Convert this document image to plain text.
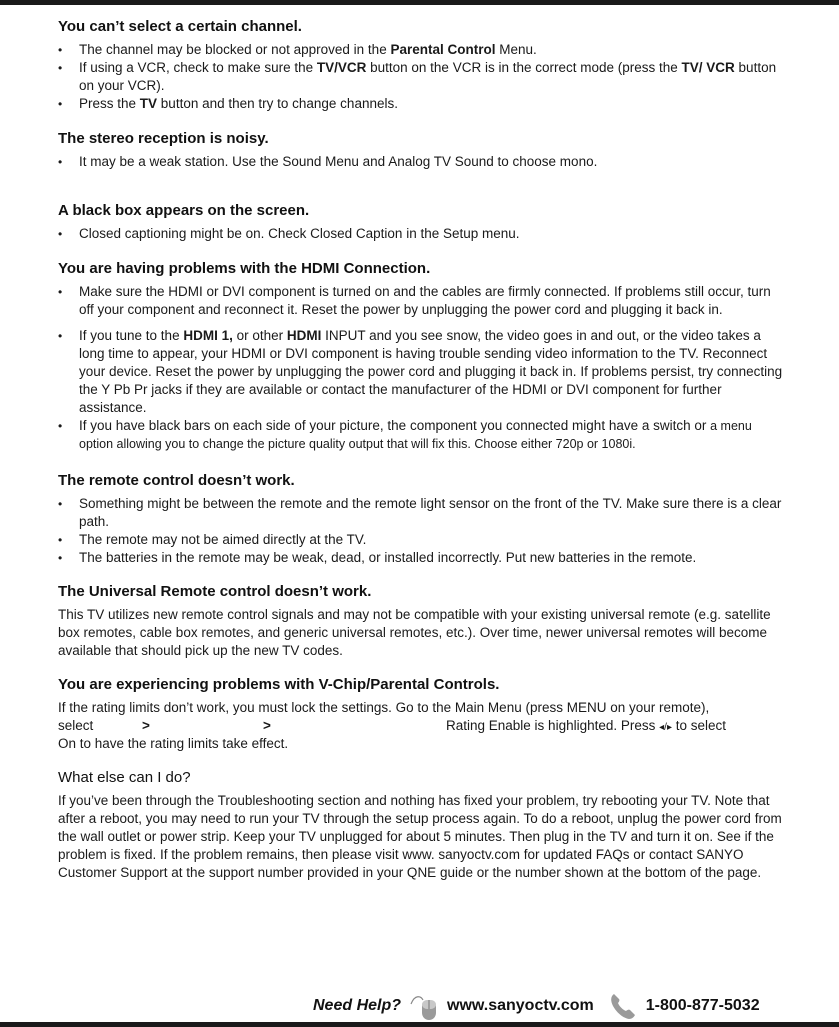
You can’t select a certain channel.
• The channel may be blocked or not approved in the Parental Control Menu.
• If using a VCR, check to make sure the TV/VCR button on the VCR is in the correct mode (press the TV/ VCR button on your VCR).
• Press the TV button and then try to change channels.
The stereo reception is noisy.
• It may be a weak station. Use the Sound Menu and Analog TV Sound to choose mono.
A black box appears on the screen.
• Closed captioning might be on. Check Closed Caption in the Setup menu.
You are having problems with the HDMI Connection.
• Make sure the HDMI or DVI component is turned on and the cables are firmly connected. If problems still occur, turn off your component and reconnect it. Reset the power by unplugging the power cord and plugging it back in.
• If you tune to the HDMI 1, or other HDMI INPUT and you see snow, the video goes in and out, or the video takes a long time to appear, your HDMI or DVI component is having trouble sending video information to the TV. Reconnect your device. Reset the power by unplugging the power cord and plugging it back in. If problems persist, try connecting the Y Pb Pr jacks if they are available or contact the manufacturer of the HDMI or DVI component for further assistance.
• If you have black bars on each side of your picture, the component you connected might have a switch or a menu option allowing you to change the picture quality output that will fix this. Choose either 720p or 1080i.
The remote control doesn’t work.
• Something might be between the remote and the remote light sensor on the front of the TV. Make sure there is a clear path.
• The remote may not be aimed directly at the TV.
• The batteries in the remote may be weak, dead, or installed incorrectly. Put new batteries in the remote.
The Universal Remote control doesn’t work.

This TV utilizes new remote control signals and may not be compatible with your existing universal remote (e.g. satellite box remotes, cable box remotes, and generic universal remotes, etc.). Over time, newer universal remotes will become available that should pick up the new TV codes.

You are experiencing problems with V-Chip/Parental Controls.

If the rating limits don’t work, you must lock the settings. Go to the Main Menu (press MENU on your remote),

select	>	>	Rating Enable is highlighted. Press ◂/▸ to select

On to have the rating limits take effect.

What else can I do?

If you’ve been through the Troubleshooting section and nothing has fixed your problem, try rebooting your TV. Note that after a reboot, you may need to run your TV through the setup process again. To do a reboot, unplug the power cord from the wall outlet or power strip. Keep your TV unplugged for about 5 minutes. Then plug in the TV and turn it on. See if the problem is fixed. If the problem remains, then please visit www. sanyoctv.com for updated FAQs or contact SANYO Customer Support at the support number provided in your QNE guide or the number shown at the bottom of the page.

Need Help?	www.sanyoctv.com	1-800-877-5032
